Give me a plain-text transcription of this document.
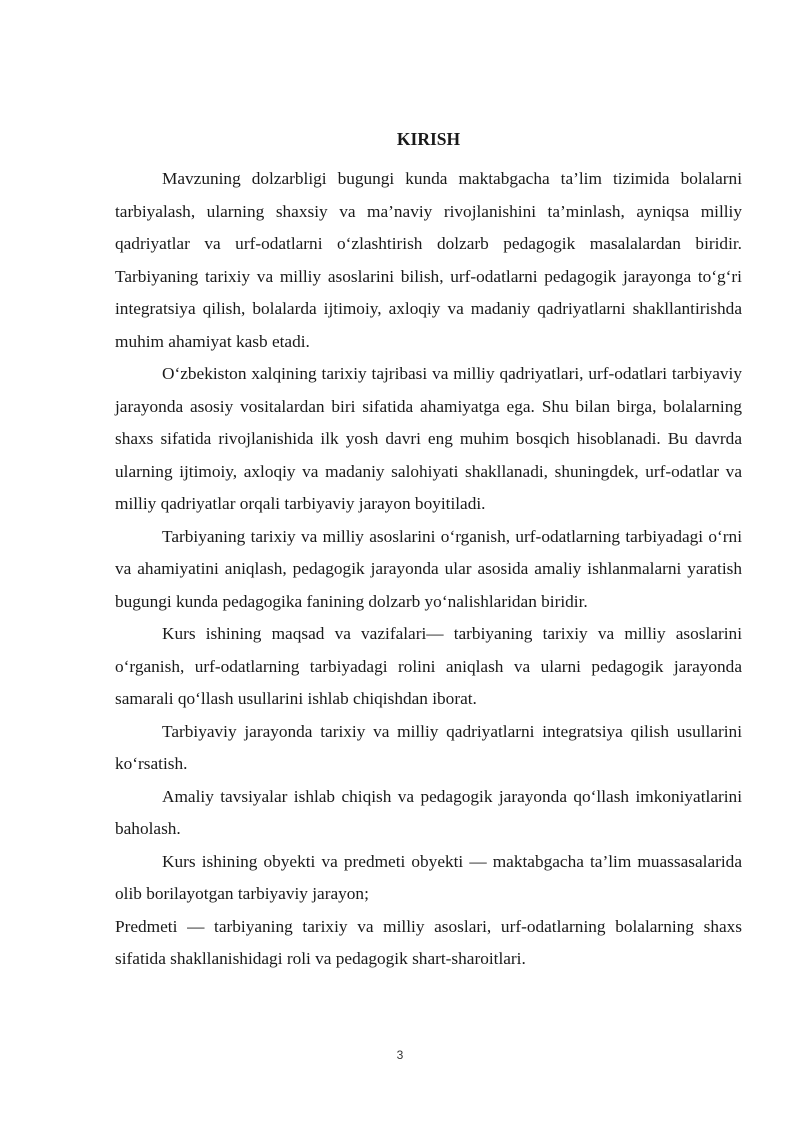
KIRISH

Mavzuning dolzarbligi bugungi kunda maktabgacha ta’lim tizimida bolalarni tarbiyalash, ularning shaxsiy va ma’naviy rivojlanishini ta’minlash, ayniqsa milliy qadriyatlar va urf-odatlarni o‘zlashtirish dolzarb pedagogik masalalardan biridir. Tarbiyaning tarixiy va milliy asoslarini bilish, urf-odatlarni pedagogik jarayonga to‘g‘ri integratsiya qilish, bolalarda ijtimoiy, axloqiy va madaniy qadriyatlarni shakllantirishda muhim ahamiyat kasb etadi.

O‘zbekiston xalqining tarixiy tajribasi va milliy qadriyatlari, urf-odatlari tarbiyaviy jarayonda asosiy vositalardan biri sifatida ahamiyatga ega. Shu bilan birga, bolalarning shaxs sifatida rivojlanishida ilk yosh davri eng muhim bosqich hisoblanadi. Bu davrda ularning ijtimoiy, axloqiy va madaniy salohiyati shakllanadi, shuningdek, urf-odatlar va milliy qadriyatlar orqali tarbiyaviy jarayon boyitiladi.

Tarbiyaning tarixiy va milliy asoslarini o‘rganish, urf-odatlarning tarbiyadagi o‘rni va ahamiyatini aniqlash, pedagogik jarayonda ular asosida amaliy ishlanmalarni yaratish bugungi kunda pedagogika fanining dolzarb yo‘nalishlaridan biridir.

Kurs ishining maqsad va vazifalari— tarbiyaning tarixiy va milliy asoslarini o‘rganish, urf-odatlarning tarbiyadagi rolini aniqlash va ularni pedagogik jarayonda samarali qo‘llash usullarini ishlab chiqishdan iborat.

Tarbiyaviy jarayonda tarixiy va milliy qadriyatlarni integratsiya qilish usullarini ko‘rsatish.

Amaliy tavsiyalar ishlab chiqish va pedagogik jarayonda qo‘llash imkoniyatlarini baholash.

Kurs ishining obyekti va predmeti obyekti — maktabgacha ta’lim muassasalarida olib borilayotgan tarbiyaviy jarayon;

Predmeti — tarbiyaning tarixiy va milliy asoslari, urf-odatlarning bolalarning shaxs sifatida shakllanishidagi roli va pedagogik shart-sharoitlari.

3
